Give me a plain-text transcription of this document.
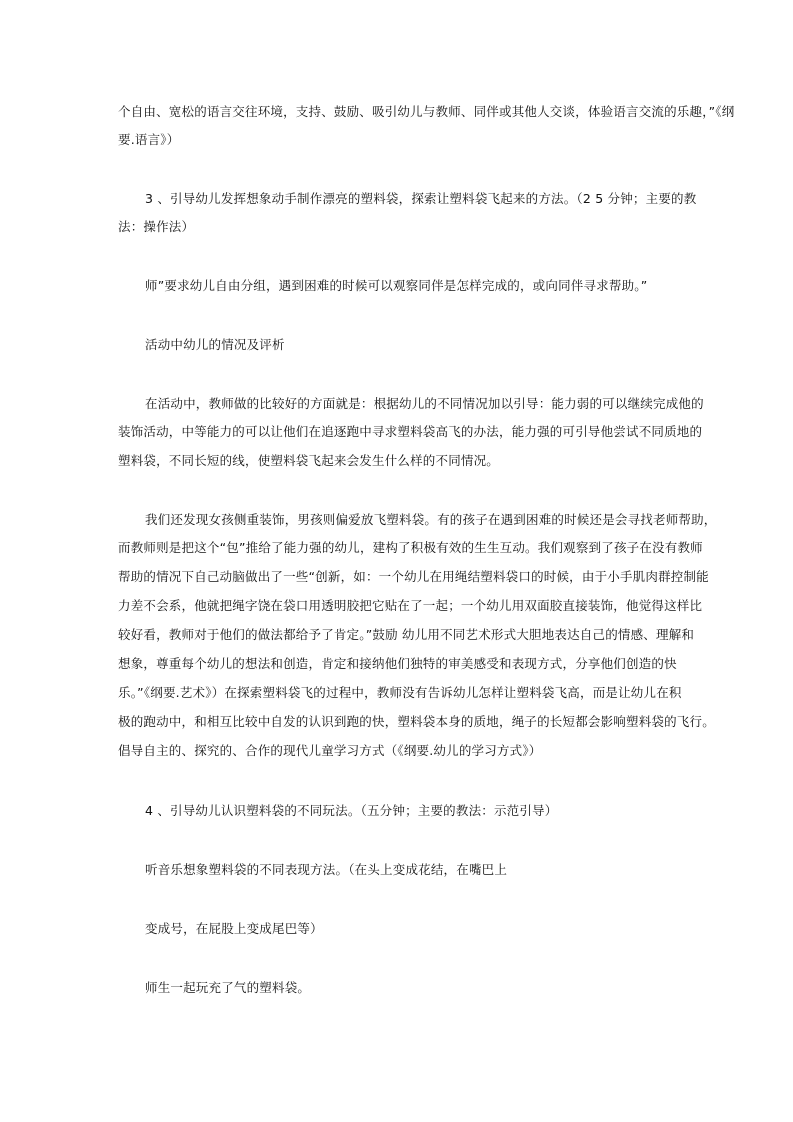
个自由、宽松的语言交往环境，支持、鼓励、吸引幼儿与教师、同伴或其他人交谈，体验语言交流的乐趣，”《纲
要.语言》）
3 、引导幼儿发挥想象动手制作漂亮的塑料袋，探索让塑料袋飞起来的方法。（2 5 分钟；主要的教
法：操作法）
师”要求幼儿自由分组，遇到困难的时候可以观察同伴是怎样完成的，或向同伴寻求帮助。”
活动中幼儿的情况及评析
在活动中，教师做的比较好的方面就是：根据幼儿的不同情况加以引导：能力弱的可以继续完成他的
装饰活动，中等能力的可以让他们在追逐跑中寻求塑料袋高飞的办法，能力强的可引导他尝试不同质地的
塑料袋，不同长短的线，使塑料袋飞起来会发生什么样的不同情况。
我们还发现女孩侧重装饰，男孩则偏爱放飞塑料袋。有的孩子在遇到困难的时候还是会寻找老师帮助，
而教师则是把这个“包”推给了能力强的幼儿，建构了积极有效的生生互动。我们观察到了孩子在没有教师
帮助的情况下自己动脑做出了一些“创新，如：一个幼儿在用绳结塑料袋口的时候，由于小手肌肉群控制能
力差不会系，他就把绳字饶在袋口用透明胶把它贴在了一起；一个幼儿用双面胶直接装饰，他觉得这样比
较好看，教师对于他们的做法都给予了肯定。”鼓励 幼儿用不同艺术形式大胆地表达自己的情感、理解和
想象，尊重每个幼儿的想法和创造，肯定和接纳他们独特的审美感受和表现方式，分享他们创造的快
乐。”《纲要.艺术》）在探索塑料袋飞的过程中，教师没有告诉幼儿怎样让塑料袋飞高，而是让幼儿在积
极的跑动中，和相互比较中自发的认识到跑的快，塑料袋本身的质地，绳子的长短都会影响塑料袋的飞行。
倡导自主的、探究的、合作的现代儿童学习方式（《纲要.幼儿的学习方式》）
4 、引导幼儿认识塑料袋的不同玩法。（五分钟；主要的教法：示范引导）
听音乐想象塑料袋的不同表现方法。（在头上变成花结，在嘴巴上
变成号，在屁股上变成尾巴等）
师生一起玩充了气的塑料袋。
